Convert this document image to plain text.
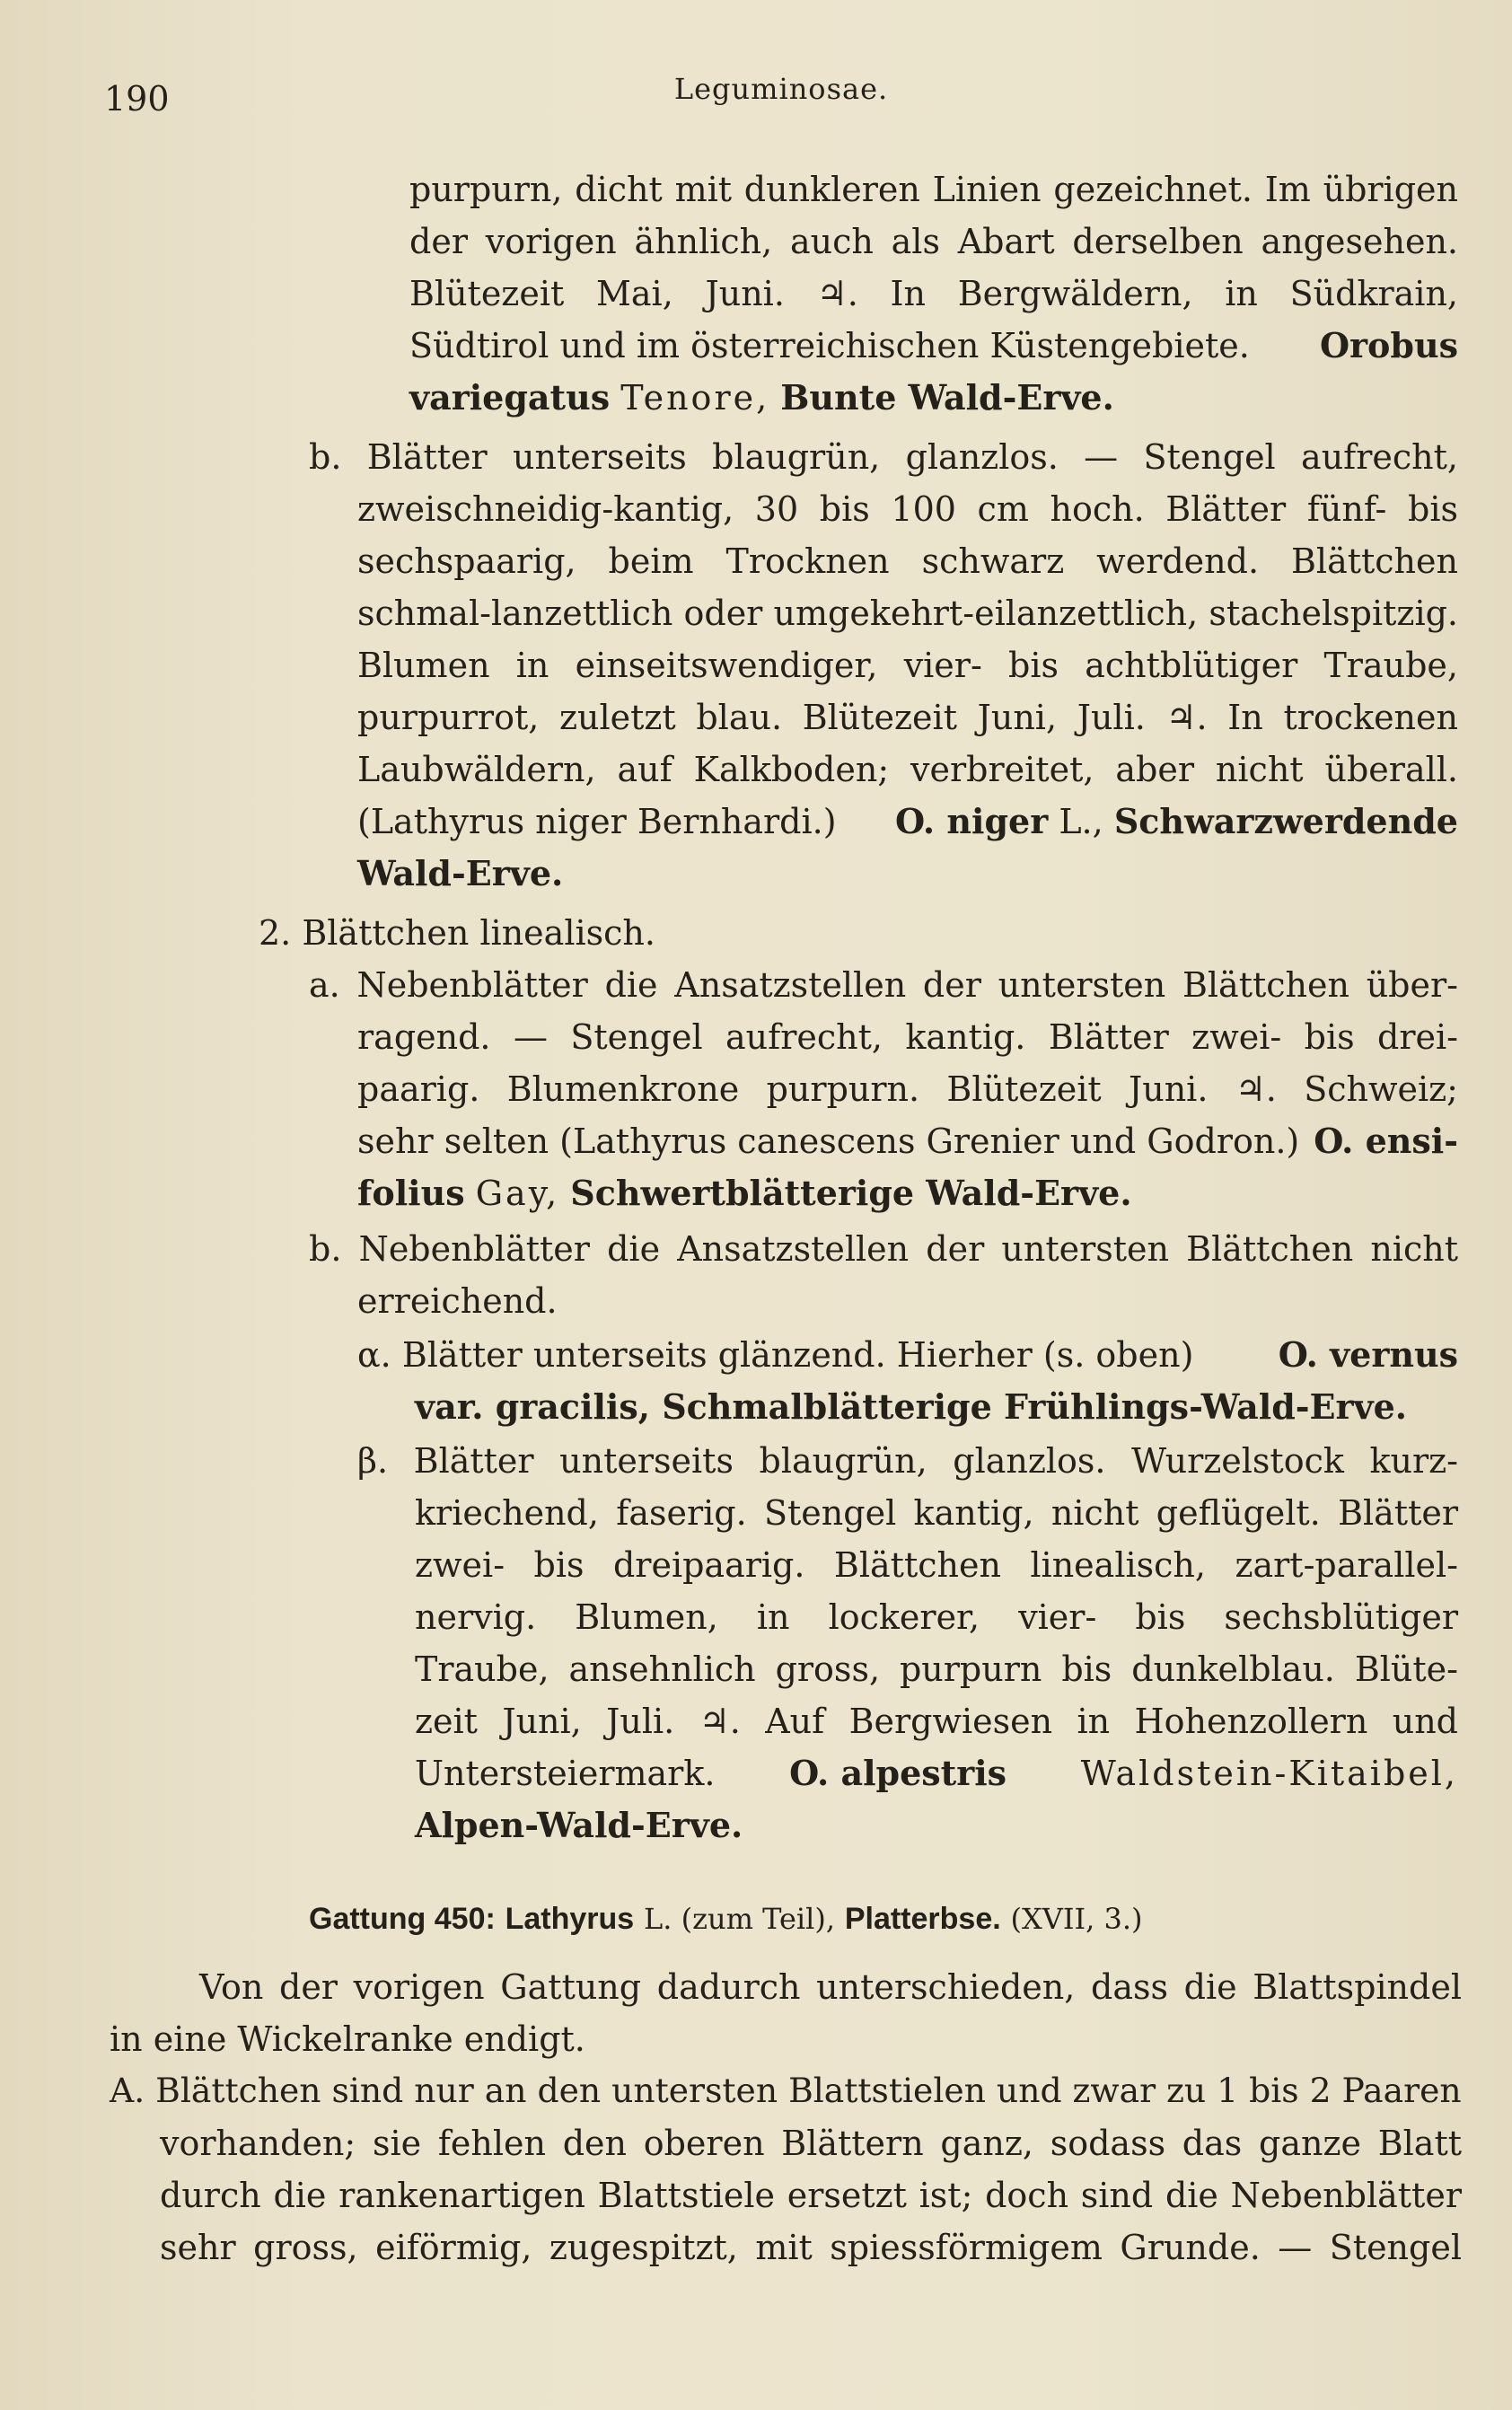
190	Leguminosae.
purpurn, dicht mit dunkleren Linien gezeichnet. Im übrigen
der vorigen ähnlich, auch als Abart derselben angesehen.
Blütezeit Mai, Juni. ♃. In Bergwäldern, in Südkrain,
Südtirol und im österreichischen Küstengebiete. Orobus
variegatus Tenore, Bunte Wald-Erve.
b. Blätter unterseits blaugrün, glanzlos. — Stengel aufrecht,
zweischneidig-kantig, 30 bis 100 cm hoch. Blätter fünf- bis
sechspaarig, beim Trocknen schwarz werdend. Blättchen
schmal-lanzettlich oder umgekehrt-eilanzettlich, stachelspitzig.
Blumen in einseitswendiger, vier- bis achtblütiger Traube,
purpurrot, zuletzt blau. Blütezeit Juni, Juli. ♃. In trockenen
Laubwäldern, auf Kalkboden; verbreitet, aber nicht überall.
(Lathyrus niger Bernhardi.) O. niger L., Schwarzwerdende
Wald-Erve.
2. Blättchen linealisch.
a. Nebenblätter die Ansatzstellen der untersten Blättchen über-
ragend. — Stengel aufrecht, kantig. Blätter zwei- bis drei-
paarig. Blumenkrone purpurn. Blütezeit Juni. ♃. Schweiz;
sehr selten (Lathyrus canescens Grenier und Godron.) O. ensi-
folius Gay, Schwertblätterige Wald-Erve.
b. Nebenblätter die Ansatzstellen der untersten Blättchen nicht
erreichend.
α. Blätter unterseits glänzend. Hierher (s. oben) O. vernus
var. gracilis, Schmalblätterige Frühlings-Wald-Erve.
β. Blätter unterseits blaugrün, glanzlos. Wurzelstock kurz-
kriechend, faserig. Stengel kantig, nicht geflügelt. Blätter
zwei- bis dreipaarig. Blättchen linealisch, zart-parallel-
nervig. Blumen, in lockerer, vier- bis sechsblütiger
Traube, ansehnlich gross, purpurn bis dunkelblau. Blüte-
zeit Juni, Juli. ♃. Auf Bergwiesen in Hohenzollern und
Untersteiermark. O. alpestris Waldstein-Kitaibel,
Alpen-Wald-Erve.
Gattung 450: Lathyrus L. (zum Teil), Platterbse. (XVII, 3.)
Von der vorigen Gattung dadurch unterschieden, dass die Blattspindel
in eine Wickelranke endigt.
A. Blättchen sind nur an den untersten Blattstielen und zwar zu 1 bis 2 Paaren
vorhanden; sie fehlen den oberen Blättern ganz, sodass das ganze Blatt
durch die rankenartigen Blattstiele ersetzt ist; doch sind die Nebenblätter
sehr gross, eiförmig, zugespitzt, mit spiessförmigem Grunde. — Stengel
